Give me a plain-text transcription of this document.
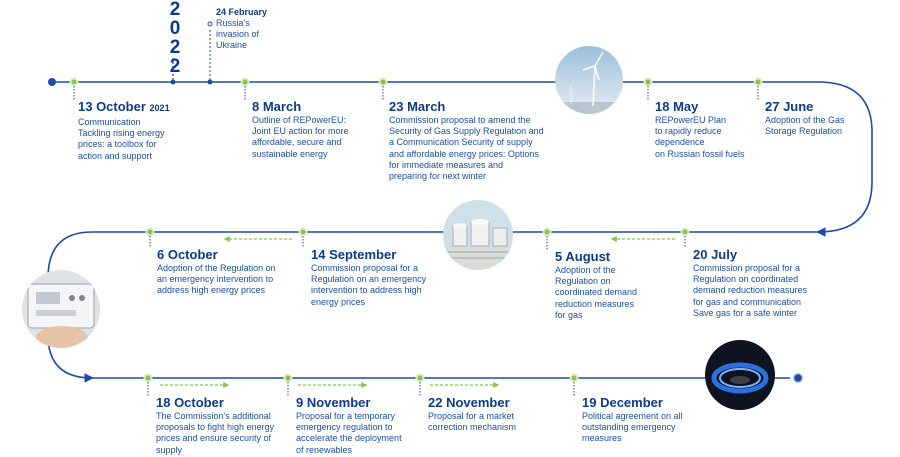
2
0
2
2
24 February
Russia's invasion of Ukraine
13 October 2021
Communication
Tackling rising energy
prices: a toolbox for
action and support
8 March
Outline of REPowerEU:
Joint EU action for more
affordable, secure and
sustainable energy
23 March
Commission proposal to amend the
Security of Gas Supply Regulation and
a Communication Security of supply
and affordable energy prices: Options
for immediate measures and
preparing for next winter
18 May
REPowerEU Plan
to rapidly reduce
dependence
on Russian fossil fuels
27 June
Adoption of the Gas
Storage Regulation
20 July
Commission proposal for a
Regulation on coordinated
demand reduction measures
for gas and communication
Save gas for a safe winter
5 August
Adoption of the
Regulation on
coordinated demand
reduction measures
for gas
14 September
Commission proposal for a
Regulation on an emergency
intervention to address high
energy prices
6 October
Adoption of the Regulation on
an emergency intervention to
address high energy prices
18 October
The Commission's additional
proposals to fight high energy
prices and ensure security of
supply
9 November
Proposal for a temporary
emergency regulation to
accelerate the deployment
of renewables
22 November
Proposal for a market
correction mechanism
19 December
Political agreement on all
outstanding emergency
measures
